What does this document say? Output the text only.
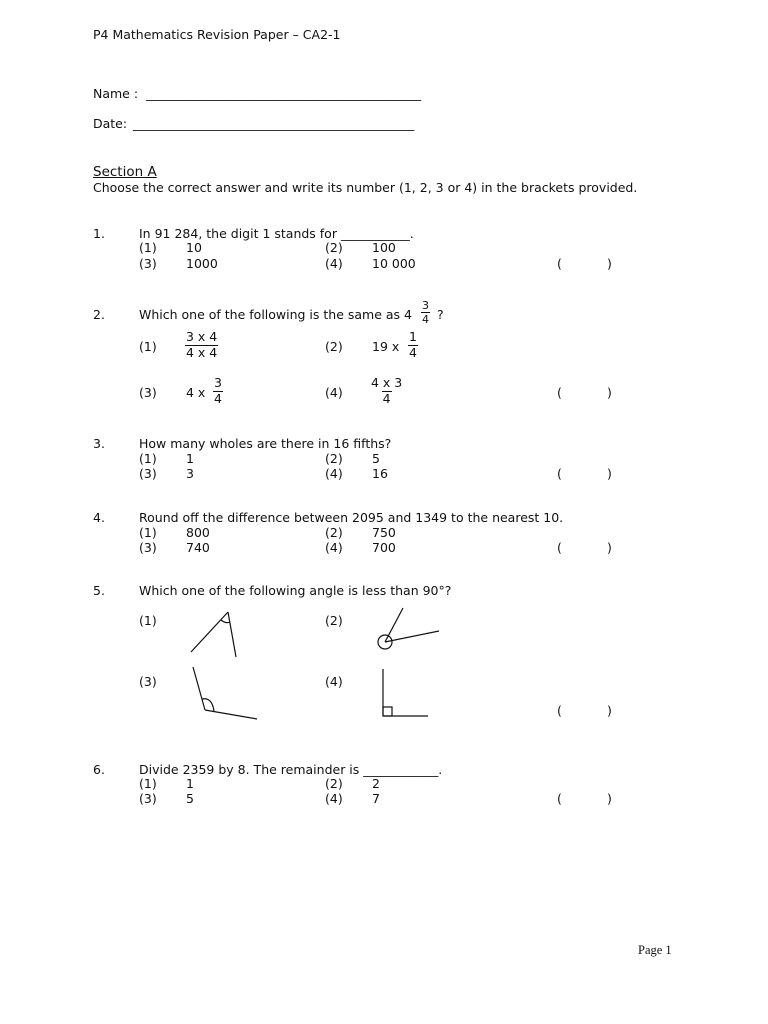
P4 Mathematics Revision Paper – CA2-1
Name : ____________________________________________
Date: _____________________________________________
Section A
Choose the correct answer and write its number (1, 2, 3 or 4) in the brackets provided.
1.	In 91 284, the digit 1 stands for ___________.
(1) 10	(2) 100
(3) 1000	(4) 10 000	(	)
2.	Which one of the following is the same as $4 \frac{3}{4}$ ?
$(1) \frac{3 x 4}{4 x 4}$	(2) 19 x $\frac{1}{4}$
(3) 4 x $\frac{3}{4}$	$(4) \frac{4 x 3}{4}$	(	)
3.	How many wholes are there in 16 fifths?
(1) 1	(2) 5
(3) 3	(4) 16	(	)
4.	Round off the difference between 2095 and 1349 to the nearest 10.
(1) 800	(2) 750
(3) 740	(4) 700	(	)
5.	Which one of the following angle is less than 90°?
(1)	(2)
(3)	(4)
(	)
6.	Divide 2359 by 8. The remainder is ____________.
(1) 1	(2) 2
(3) 5	(4) 7	(	)
Page 1
